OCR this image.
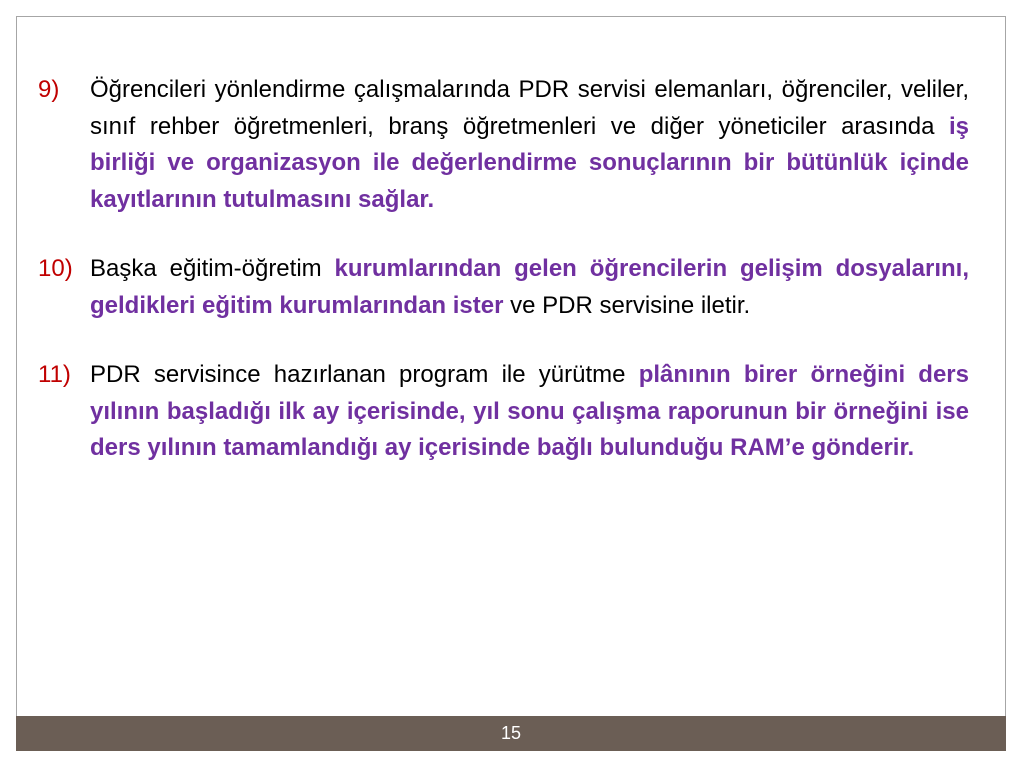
9)	Öğrencileri yönlendirme çalışmalarında PDR servisi elemanları, öğrenciler, veliler, sınıf rehber öğretmenleri, branş öğretmenleri ve diğer yöneticiler arasında iş birliği ve organizasyon ile değerlendirme sonuçlarının bir bütünlük içinde kayıtlarının tutulmasını sağlar.
10) Başka eğitim-öğretim kurumlarından gelen öğrencilerin gelişim dosyalarını, geldikleri eğitim kurumlarından ister ve PDR servisine iletir.
11) PDR servisince hazırlanan program ile yürütme plânının birer örneğini ders yılının başladığı ilk ay içerisinde, yıl sonu çalışma raporunun bir örneğini ise ders yılının tamamlandığı ay içerisinde bağlı bulunduğu RAM’e gönderir.
15
